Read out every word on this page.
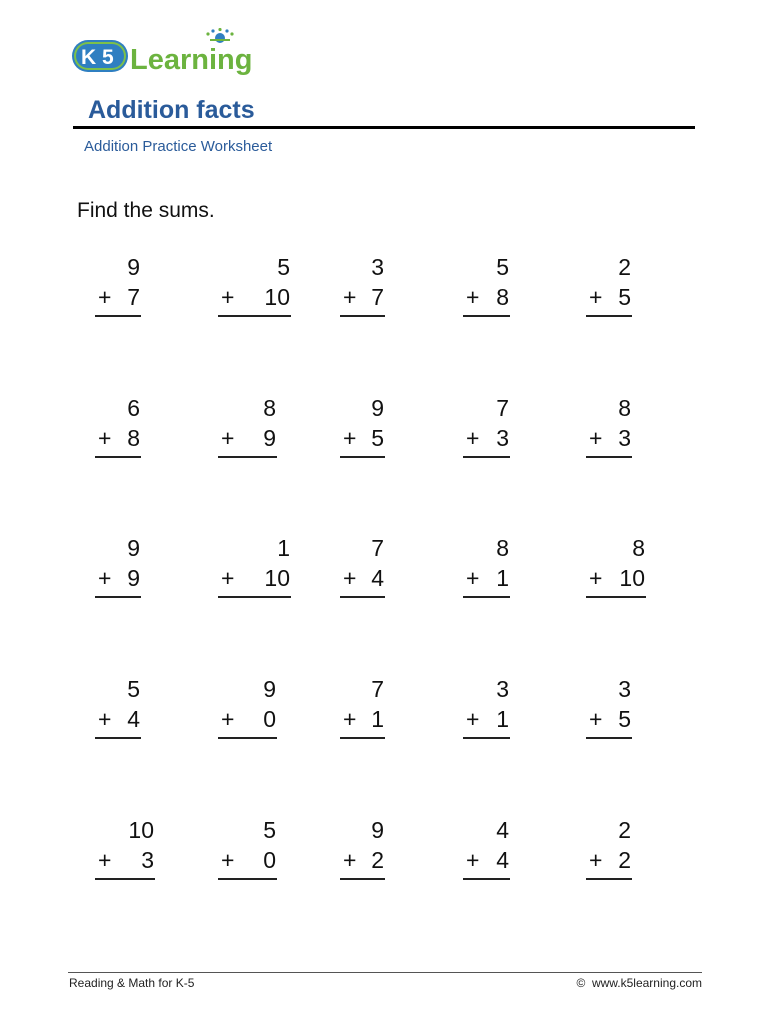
K 5 Learning
Addition facts
Addition Practice Worksheet
Find the sums.
9
+ 7
5
+ 10
3
+ 7
5
+ 8
2
+ 5
6
+ 8
8
+ 9
9
+ 5
7
+ 3
8
+ 3
9
+ 9
1
+ 10
7
+ 4
8
+ 1
8
+ 10
5
+ 4
9
+ 0
7
+ 1
3
+ 1
3
+ 5
10
+ 3
5
+ 0
9
+ 2
4
+ 4
2
+ 2
Reading & Math for K-5	© www.k5learning.com
